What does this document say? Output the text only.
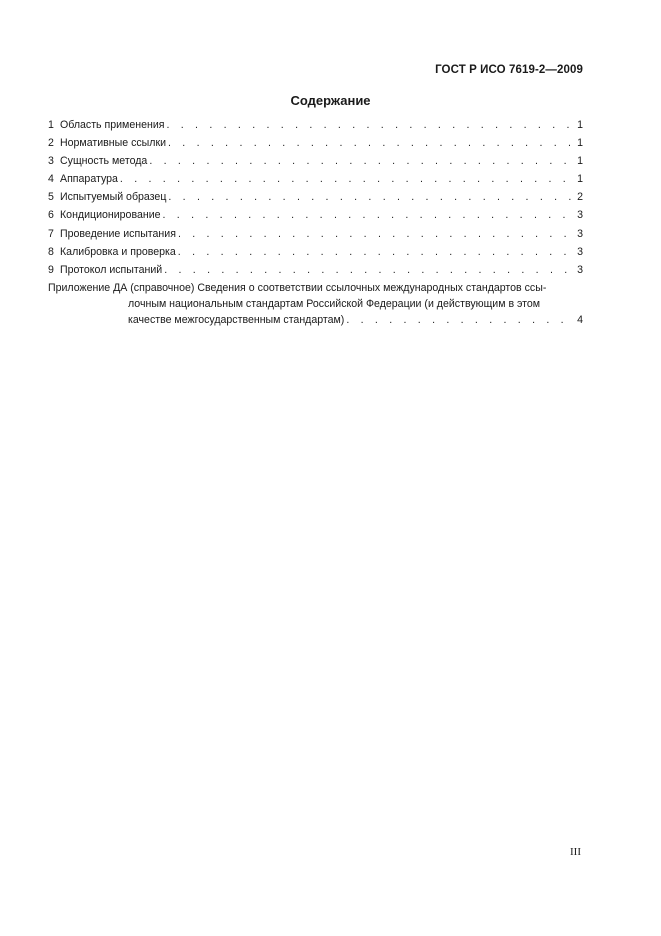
ГОСТ Р ИСО 7619-2—2009
Содержание
1 Область применения . . .	1
2 Нормативные ссылки . . .	1
3 Сущность метода . . .	1
4 Аппаратура . . .	1
5 Испытуемый образец . . .	2
6 Кондиционирование . . .	3
7 Проведение испытания . . .	3
8 Калибровка и проверка . . .	3
9 Протокол испытаний . . .	3
Приложение ДА (справочное) Сведения о соответствии ссылочных международных стандартов ссы-
лочным национальным стандартам Российской Федерации (и действующим в этом
качестве межгосударственным стандартам) . . .	4
III
